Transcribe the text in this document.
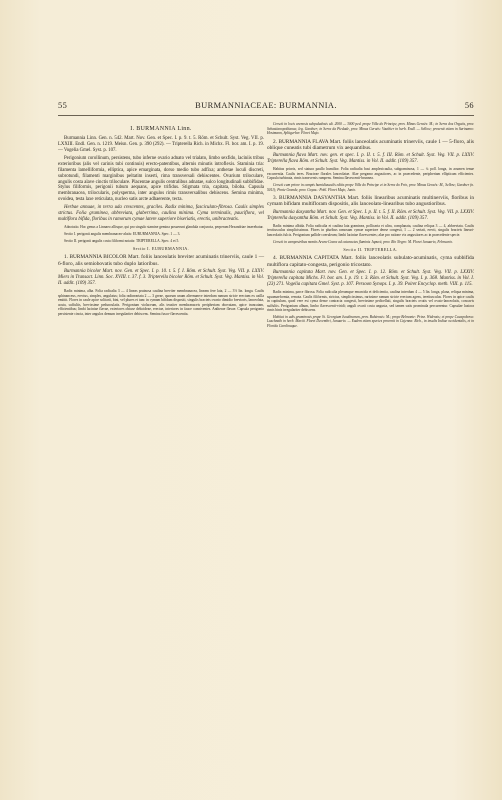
55	BURMANNIACEAE: BURMANNIA.	56

I. BURMANNIA Linn.

Burmannia Linn. Gen. n. 542. Mart. Nov. Gen. et Spec. I. p. 9. t. 5. Röm. et Schult. Syst. Veg. VII. p. LXXIII. Endl. Gen. n. 1219. Meisn. Gen. p. 390 (292). — Tripterella Rich. in Michx. Fl. bor. am. I. p. 19. — Vogelia Gmel. Syst. p. 107.

Perigonium corollinum, persistens, tubo inferne ovario adnato vel trialato, limbo sexfido, laciniis tribus exterioribus (alis vel carinis tubi continuis) erecto-patentibus, alternis minutis introflexis. Staminia tria: filamenta lamelliformia, elliptica, apice emarginata, dorso medio tubo adfixa; antherae loculi discreti, subrotundi, filamenti marginibus peltatim inserti, rima transversali dehiscentes. Ovarium triloculare, angulis costa alave cinctis triloculare. Placentae angulis centralibus adnatae, sulco longitudinali subbifidae. Stylus filiformis, perigonii tubum aequans, apice trifidus. Stigmata tria, capitata, biloba. Capsula membranacea, trilocularis, polysperma, inter angulos rimis transversalibus dehiscens. Semina minima, ovoidea, testa laxe reticulata, nucleo satis arcte adhaerente, tecta.

Herbae annuae, in terra uda crescentes, graciles. Radix minima, fasciculato-fibrosa. Caulis simplex strictus. Folia graminea, abbreviata, glaberrima, caulina minima. Cyma terminalis, pauciflora, vel multiflora bifida, floribus in ramorum cymae latere superiore biseriatis, erectis, unibracteatis.

Adnotatio. Hoc genus a Linnaeo allisque, qui pro singulo stamine gemina posuerunt glandula conjuncta, perperam Hexandriae inserebatur.

Sectio I. perigonii angulis membranaceo-alatis: EUBURMANNIA. Spec. 1 — 3.

Sectio II. perigonii angulis costa filiformi notatis: TRIPTERELLA. Spec. 4 et 5.

Sectio I. EUBURMANNIA.

1. BURMANNIA BICOLOR Mart. foliis lanceolatis breviter acuminatis trinerviis, caule 1 — 6-floro, alis semiobovatis tubo duplo latioribus.

Burmannia bicolor Mart. nov. Gen. et Spec. I. p. 10. t. 5. f. I. Röm. et Schult. Syst. Veg. VII. p. LXXV. Miers in Transact. Linn. Soc. XVIII. t. 37. f. 3. Tripterella bicolor Röm. et Schult. Syst. Veg. Mantiss. in Vol. II. addit. (109) 357.

Radix minima, alba. Folia radicalia 3 — 4 lineas pruinosa caulina breviter membranacea, lineam fere lata, 2 — 3½ lin. longa. Caulis sphinanceus, erectus, simplex, angulatus; folia radineartata 2 — 3 greae, quorum unum alternumve interdum ramum stricte erectum ex axilla emittit. Flores in caule apice solitarii, bini, vel plures et tunc in cymam bifidam dispositi, singulis bracteis ovario dimidio brevioris, lanceolata, acuta, suffultis, brevissime pedunculatis. Perigonium violaceum, alis teusiter membranaceis peripheriam obovatam, apice truncatam, efficientibus; limbi laciniae flavae, exteriores obtuse deltoideae, erectae, interiores in fauce conniventes. Antherae flavae. Capsula perigonio persistente cincta, inter angulos demum irregulariter dehiscens. Semina fusco-flavescentia.

Crescit in locis arenosis subpaludosis alt. 2000 — 3000 ped. prope Villa do Principe, prov. Minas Geraës: M.; in Serra dos Orgaös, prov. Sebastianopolitanae, leg. Gardner; in Serra da Piedade, prov. Minas Geraës: Vauthier in herb. Endl. — Sellow; provenit etiam in Surinamo: Hostmann, Splitgerber. Floret Majo.

2. BURMANNIA FLAVA Mart. foliis lanceolatis acuminatis trinerviis, caule 1 — 5-floro, alis oblique cuneatis tubi diametrum vix aequantibus.

Burmannia flava Mart. nov. gen. et spec. I. p. II. t. 5. f. III. Röm. et Schult. Syst. Veg. VII. p. LXXV. Tripterella flava Röm. et Schult. Syst. Veg. Mantiss. in Vol. II. addit. (109) 357.

Habitus prioris, sed statura paullo humilior. Folia radicalia basi amplexicaulia, subgraminosa, 1 — ¼ poll. longa, in acumen tenue excurrentia. Caulis teres. Bracteae florales lanceolatae. Alae pergamo angustiores, ac in praecedente, peripheriam ellipticam efficientes. Capsula turbinata, rimis transversis rumpens. Semina flavescenti-brunnea.

Crescit cum priore in campis humidiusculis editis prope Villa do Principe et in Serra do Frio, prov. Minas Geraës: M., Sellow; Gardner (n. 5011); Ponte Grande, prov. Goyaz.: Pohl. Floret Majo, Junio.

3. BURMANNIA DASYANTHA Mart. foliis linearibus acuminatis multinerviis, floribus in cymam bifidam multifloram dispositis, alis lanceolato-linearibus tubo angustioribus.

Burmannia dasyantha Mart. nov. Gen. et Spec. I. p. II. t. 5. f. II. Röm. et Schult. Syst. Veg. VII. p. LXXIV. Tripterella dasyantha Röm. et Schult. Syst. Veg. Mantiss. in Vol. II. addit. (109) 357.

Radix minima albida. Folia radicalia et caulina lata graminea, pollicaria et ultra, complanata, caulina reliqua 3 — 4, abbreviata. Caulis terctiusculus simplicissimus. Flores in pluribus ramosam cymae superiore dense congesti, 1 — 2 seriati, erecti, singulis bracteis lineari-lanceolatis fulcis. Perigonium pallide coeruleum; limbi laciniae flavescentes; alae pro ratione vix angustiores ac in praecedente specie.

Crescit in campestribus montis Araru-Coara ad cataractas fluminis Japurá, prov. Rio Negro: M. Floret Januario, Februario.

Sectio II. TRIPTERELLA.

4. BURMANNIA CAPITATA Mart. foliis lanceolatis subulato-acuminatis, cyma subbifida multiflora capitato-congesta, perigonio tricostato.

Burmannia capitata Mart. nov. Gen. et Spec. I. p. 12. Röm. et Schult. Syst. Veg. VII. p. LXXIV. Tripterella capitata Michx. Fl. bor. am. I. p. 19. t. 3. Röm. et Schult. Syst. Veg. I. p. 368. Mantiss. in Vol. I. (23) 271. Vogelia capitata Gmel. Syst. p. 107. Persoon Synops. I. p. 39. Poiret Encyclop. meth. VIII. p. 115.

Radix minima, parce fibrosa. Folia radicalia plerumque emarcida et deficientia, caulina interdum 4 — 5 lin. longa, plana, reliqua minima, squamaeformia, remota. Caulis filiformis, strictus, simplicissimus, rarissime ramum stricte erectum agens, teretiusculus. Flores in apice caulis in capitulum, quod vere est cyma dense contracta congesti, brevissime pedicellati, singulis bracteis ovatis vel ovato-lanceolatis, concavis suffultis. Perigonium album, limbo flavescenti-viridi; anguli ovarii costa angusta, sed tamen satis prominula percurrentur. Capsulae laxiora rimis binis irregulariter dehiscens.

Habitat in udis graminosis prope St. Georgium Isoulinarum, prov. Bahiensis: M.; prope Belmonte: Prinz. Widensis; et prope Cacapobova: Luschnath in herb. Martii. Floret Decembri, Januario. — Eadem etiam species provenit in Cajenna: Rich., in insulis Indiae occidentalis, et in Florida Carolinaque.
